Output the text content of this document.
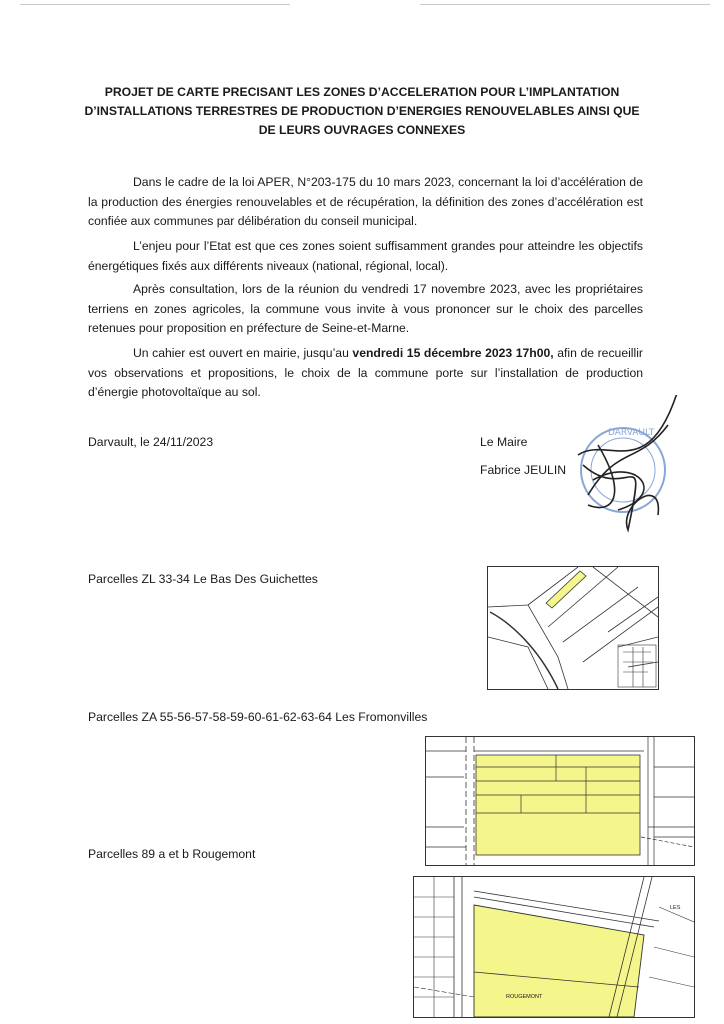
PROJET DE CARTE PRECISANT LES ZONES D’ACCELERATION POUR L’IMPLANTATION D’INSTALLATIONS TERRESTRES DE PRODUCTION D’ENERGIES RENOUVELABLES AINSI QUE DE LEURS OUVRAGES CONNEXES

Dans le cadre de la loi APER, N°203-175 du 10 mars 2023, concernant la loi d’accélération de la production des énergies renouvelables et de récupération, la définition des zones d’accélération est confiée aux communes par délibération du conseil municipal.

L’enjeu pour l’Etat est que ces zones soient suffisamment grandes pour atteindre les objectifs énergétiques fixés aux différents niveaux (national, régional, local).

Après consultation, lors de la réunion du vendredi 17 novembre 2023, avec les propriétaires terriens en zones agricoles, la commune vous invite à vous prononcer sur le choix des parcelles retenues pour proposition en préfecture de Seine-et-Marne.

Un cahier est ouvert en mairie, jusqu’au vendredi 15 décembre 2023 17h00, afin de recueillir vos observations et propositions, le choix de la commune porte sur l’installation de production d’énergie photovoltaïque au sol.

Darvault, le 24/11/2023	Le Maire
Fabrice JEULIN
DARVAULT
Parcelles ZL 33-34 Le Bas Des Guichettes
Parcelles ZA 55-56-57-58-59-60-61-62-63-64 Les Fromonvilles
Parcelles 89 a et b Rougemont
LES
ROUGEMONT
